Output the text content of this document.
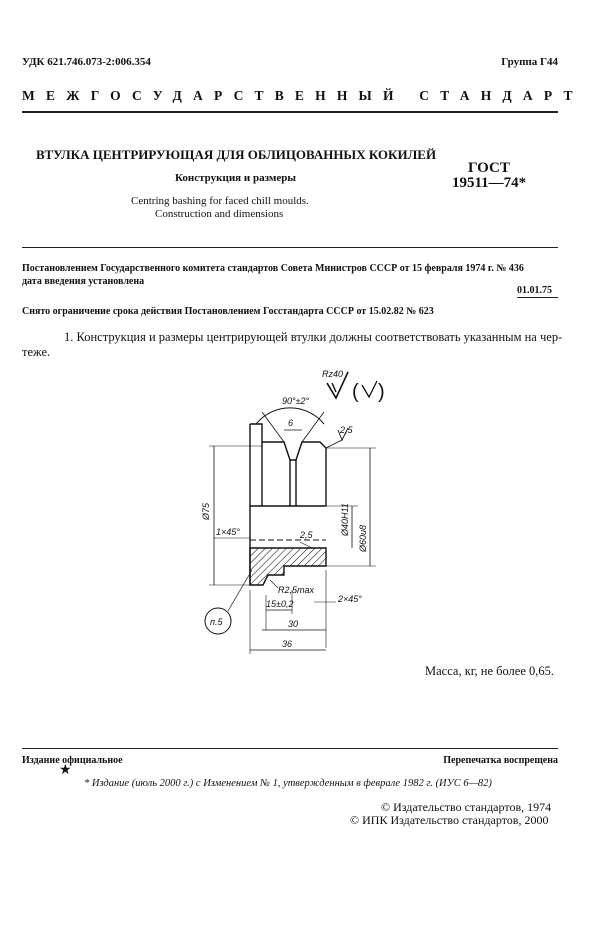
УДК 621.746.073-2:006.354	Группа Г44
МЕЖГОСУДАРСТВЕННЫЙ СТАНДАРТ
ВТУЛКА ЦЕНТРИРУЮЩАЯ ДЛЯ ОБЛИЦОВАННЫХ КОКИЛЕЙ
Конструкция и размеры
Centring bashing for faced chill moulds.
Construction and dimensions
ГОСТ
19511—74*
Постановлением Государственного комитета стандартов Совета Министров СССР от 15 февраля 1974 г. № 436
дата введения установлена
01.01.75
Снято ограничение срока действия Постановлением Госстандарта СССР от 15.02.82 № 623
1. Конструкция и размеры центрирующей втулки должны соответствовать указанным на чер-
теже.
Rz40
( )
90°±2°
6
2,5
Ø75	Ø40H11
Ø60u8
1×45°	2,5
R2,5max
15±0,2	2×45°
30
36
п.5
Масса, кг, не более 0,65.
Издание официальное	Перепечатка воспрещена
★
* Издание (июль 2000 г.) с Изменением № 1, утвержденным в феврале 1982 г. (ИУС 6—82)
© Издательство стандартов, 1974
© ИПК Издательство стандартов, 2000
